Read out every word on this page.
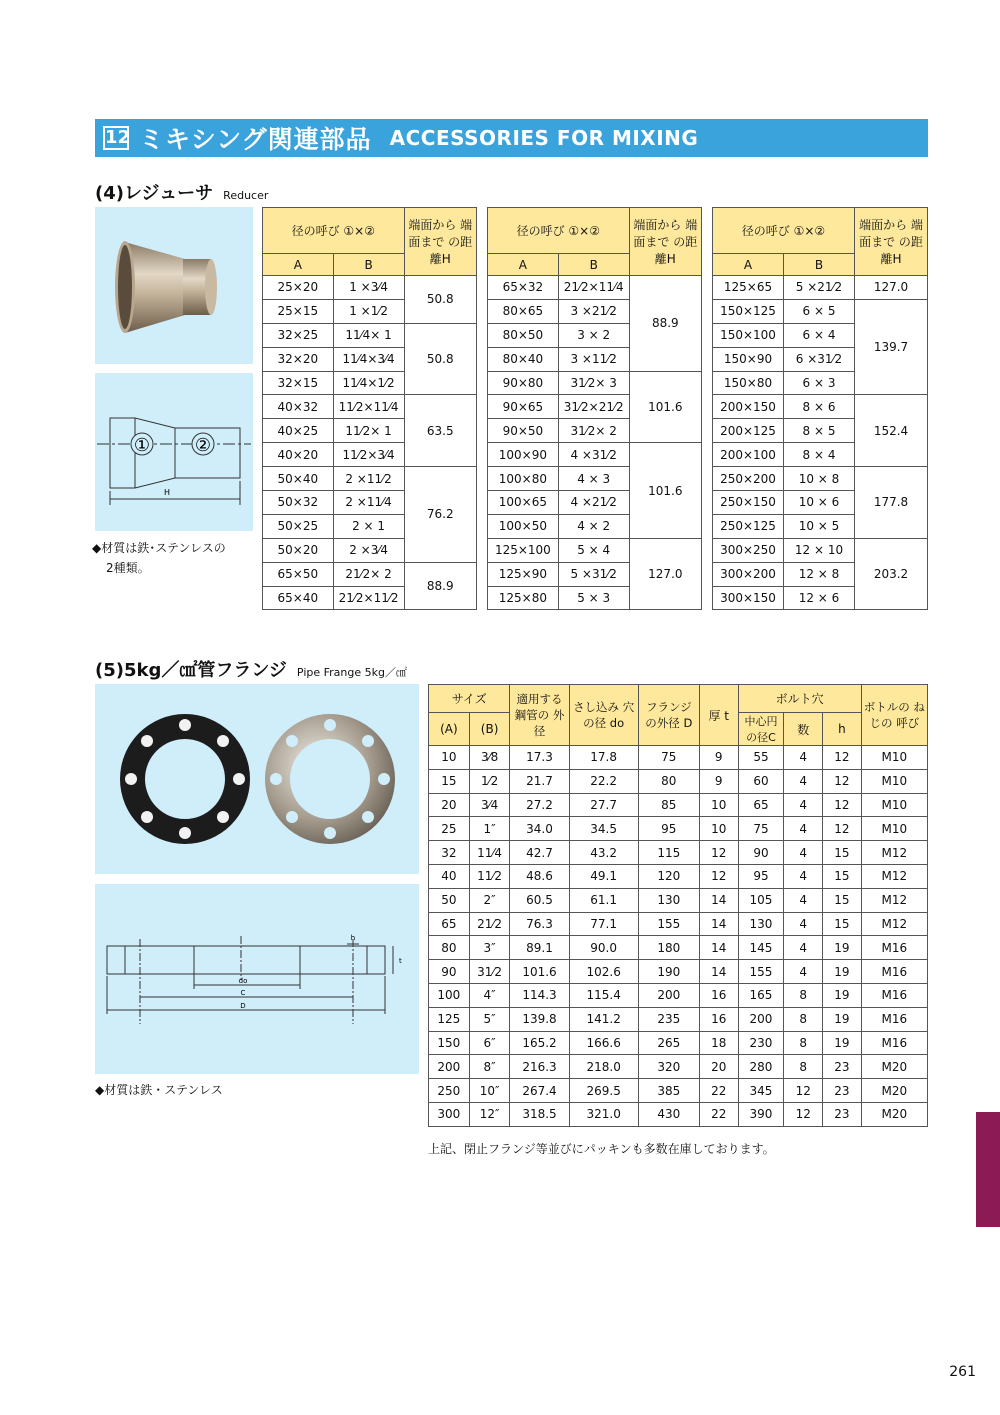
12 ミキシング関連部品 ACCESSORIES FOR MIXING
(4)レジューサ Reducer
① ②
H
◆材質は鉄･ステンレスの
2種類。
径の呼び ①×②		端面から 端面まで の距離H
A	B	
25×20	1 ×3⁄4	50.8
25×15	1 ×1⁄2	
32×25	11⁄4× 1	50.8
32×20	11⁄4×3⁄4	
32×15	11⁄4×1⁄2	
40×32	11⁄2×11⁄4	63.5
40×25	11⁄2× 1	
40×20	11⁄2×3⁄4	
50×40	2 ×11⁄2	76.2
50×32	2 ×11⁄4	
50×25	2 × 1	
50×20	2 ×3⁄4	
65×50	21⁄2× 2	88.9
65×40	21⁄2×11⁄2	
径の呼び ①×②		端面から 端面まで の距離H
A	B	
65×32	21⁄2×11⁄4	88.9
80×65	3 ×21⁄2	
80×50	3 × 2	
80×40	3 ×11⁄2	
90×80	31⁄2× 3	101.6
90×65	31⁄2×21⁄2	
90×50	31⁄2× 2	
100×90	4 ×31⁄2	101.6
100×80	4 × 3	
100×65	4 ×21⁄2	
100×50	4 × 2	
125×100	5 × 4	127.0
125×90	5 ×31⁄2	
125×80	5 × 3	
径の呼び ①×②		端面から 端面まで の距離H
A	B	
125×65	5 ×21⁄2	127.0
150×125	6 × 5	139.7
150×100	6 × 4	
150×90	6 ×31⁄2	
150×80	6 × 3	
200×150	8 × 6	152.4
200×125	8 × 5	
200×100	8 × 4	
250×200	10 × 8	177.8
250×150	10 × 6	
250×125	10 × 5	
300×250	12 × 10	203.2
300×200	12 × 8	
300×150	12 × 6	
(5)5kg／㎠管フランジ Pipe Frange 5kg／㎠
do
C
D
h
t
◆材質は鉄・ステンレス
サイズ		適用する 鋼管の 外径	さし込み 穴の径 do	フランジ の外径 D	厚 t	ボルト穴			ボトルの ねじの 呼び
(A)	(B)					中心円 の径C	数	h	
10	3⁄8	17.3	17.8	75	9	55	4	12	M10
15	1⁄2	21.7	22.2	80	9	60	4	12	M10
20	3⁄4	27.2	27.7	85	10	65	4	12	M10
25	1″	34.0	34.5	95	10	75	4	12	M10
32	11⁄4	42.7	43.2	115	12	90	4	15	M12
40	11⁄2	48.6	49.1	120	12	95	4	15	M12
50	2″	60.5	61.1	130	14	105	4	15	M12
65	21⁄2	76.3	77.1	155	14	130	4	15	M12
80	3″	89.1	90.0	180	14	145	4	19	M16
90	31⁄2	101.6	102.6	190	14	155	4	19	M16
100	4″	114.3	115.4	200	16	165	8	19	M16
125	5″	139.8	141.2	235	16	200	8	19	M16
150	6″	165.2	166.6	265	18	230	8	19	M16
200	8″	216.3	218.0	320	20	280	8	23	M20
250	10″	267.4	269.5	385	22	345	12	23	M20
300	12″	318.5	321.0	430	22	390	12	23	M20
上記、閉止フランジ等並びにパッキンも多数在庫しております。
261
